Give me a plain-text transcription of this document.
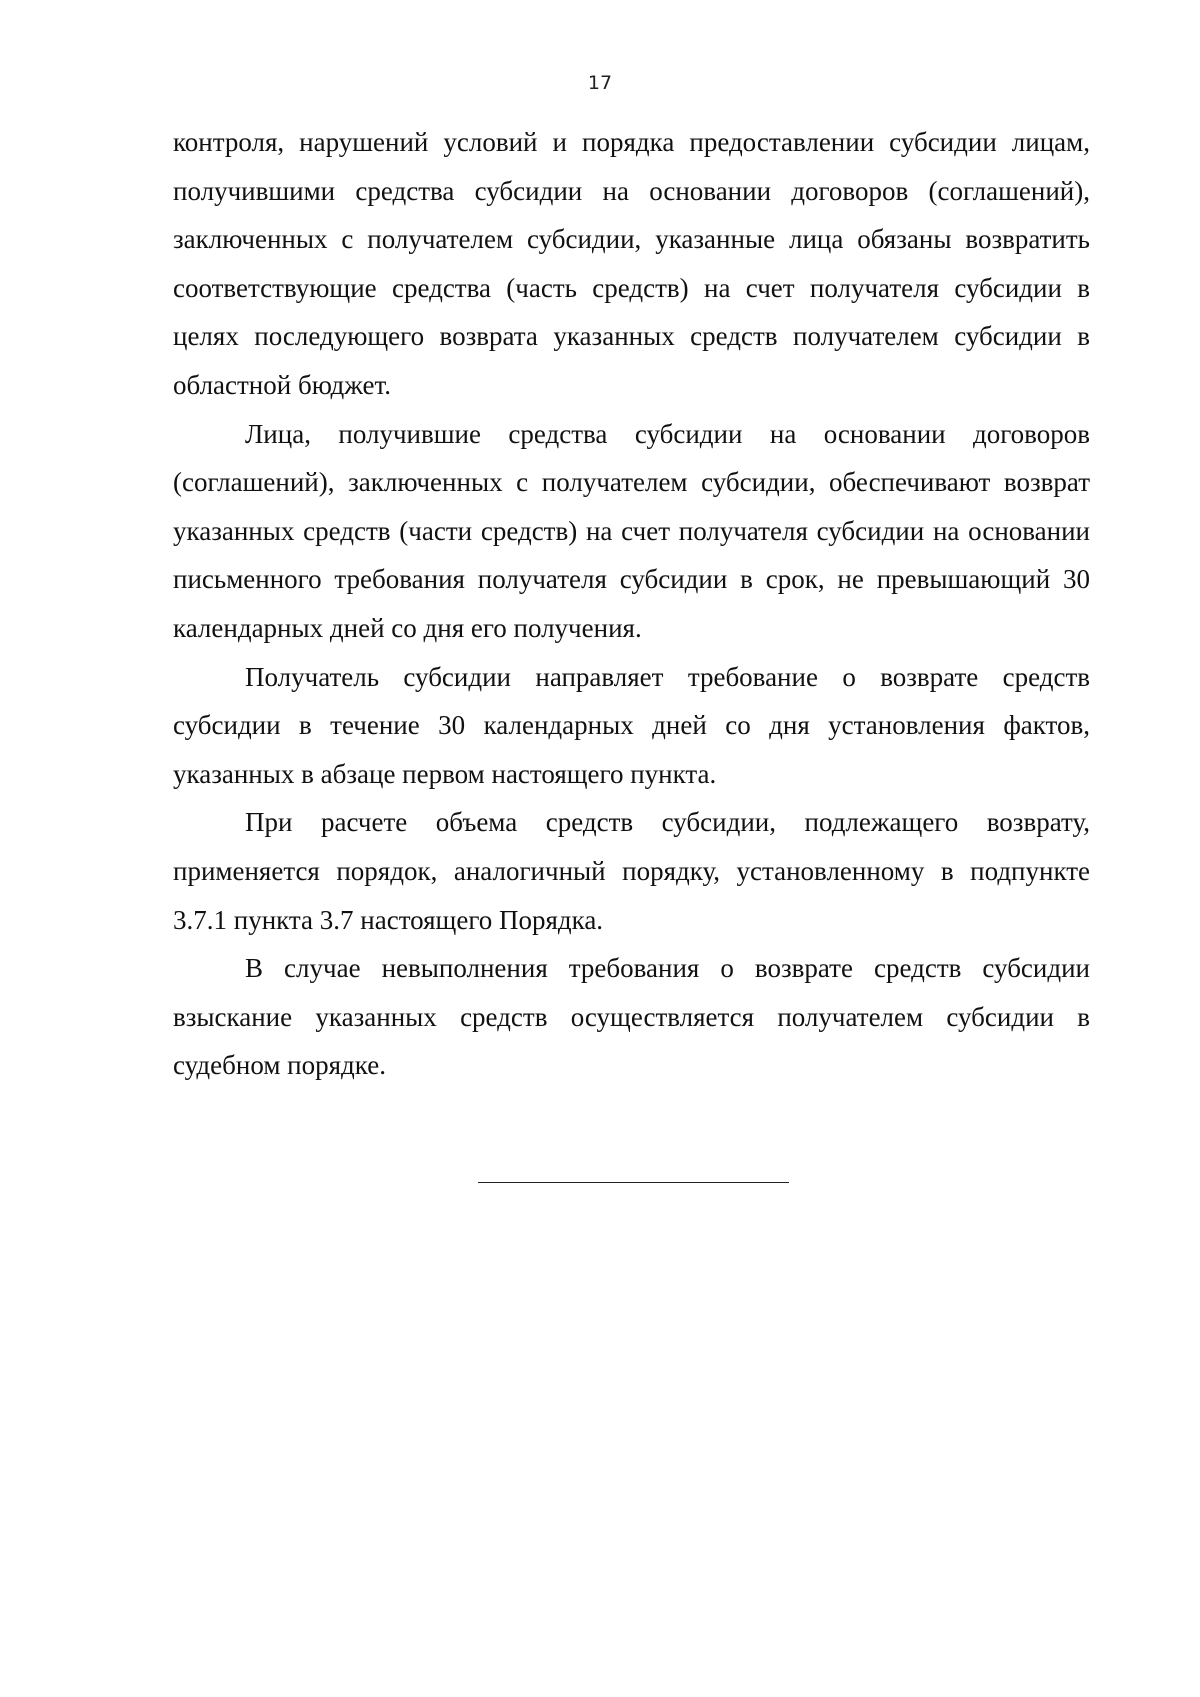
17

контроля, нарушений условий и порядка предоставлении субсидии лицам, получившими средства субсидии на основании договоров (соглашений), заключенных с получателем субсидии, указанные лица обязаны возвратить соответствующие средства (часть средств) на счет получателя субсидии в целях последующего возврата указанных средств получателем субсидии в областной бюджет.

Лица, получившие средства субсидии на основании договоров (соглашений), заключенных с получателем субсидии, обеспечивают возврат указанных средств (части средств) на счет получателя субсидии на основании письменного требования получателя субсидии в срок, не превышающий 30 календарных дней со дня его получения.

Получатель субсидии направляет требование о возврате средств субсидии в течение 30 календарных дней со дня установления фактов, указанных в абзаце первом настоящего пункта.

При расчете объема средств субсидии, подлежащего возврату, применяется порядок, аналогичный порядку, установленному в подпункте 3.7.1 пункта 3.7 настоящего Порядка.

В случае невыполнения требования о возврате средств субсидии взыскание указанных средств осуществляется получателем субсидии в судебном порядке.
